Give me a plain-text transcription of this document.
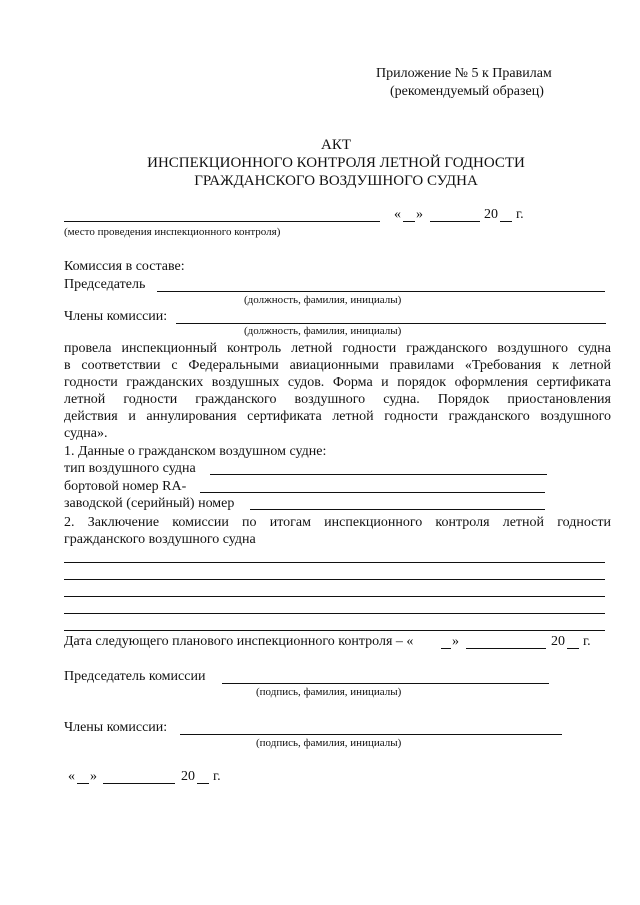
Приложение № 5 к Правилам
(рекомендуемый образец)
АКТ
ИНСПЕКЦИОННОГО КОНТРОЛЯ ЛЕТНОЙ ГОДНОСТИ
ГРАЖДАНСКОГО ВОЗДУШНОГО СУДНА
« »	20 г.
(место проведения инспекционного контроля)
Комиссия в составе:
Председатель
(должность, фамилия, инициалы)
Члены комиссии:
(должность, фамилия, инициалы)
провела инспекционный контроль летной годности гражданского воздушного судна
в соответствии с Федеральными авиационными правилами «Требования к летной
годности гражданских воздушных судов. Форма и порядок оформления сертификата
летной годности гражданского воздушного судна. Порядок приостановления
действия и аннулирования сертификата летной годности гражданского воздушного
судна».
1. Данные о гражданском воздушном судне:
тип воздушного судна
бортовой номер RA-
заводской (серийный) номер
2. Заключение комиссии по итогам инспекционного контроля летной годности
гражданского воздушного судна
Дата следующего планового инспекционного контроля – «	»	20 г.
Председатель комиссии
(подпись, фамилия, инициалы)
Члены комиссии:
(подпись, фамилия, инициалы)
« »	20 г.
